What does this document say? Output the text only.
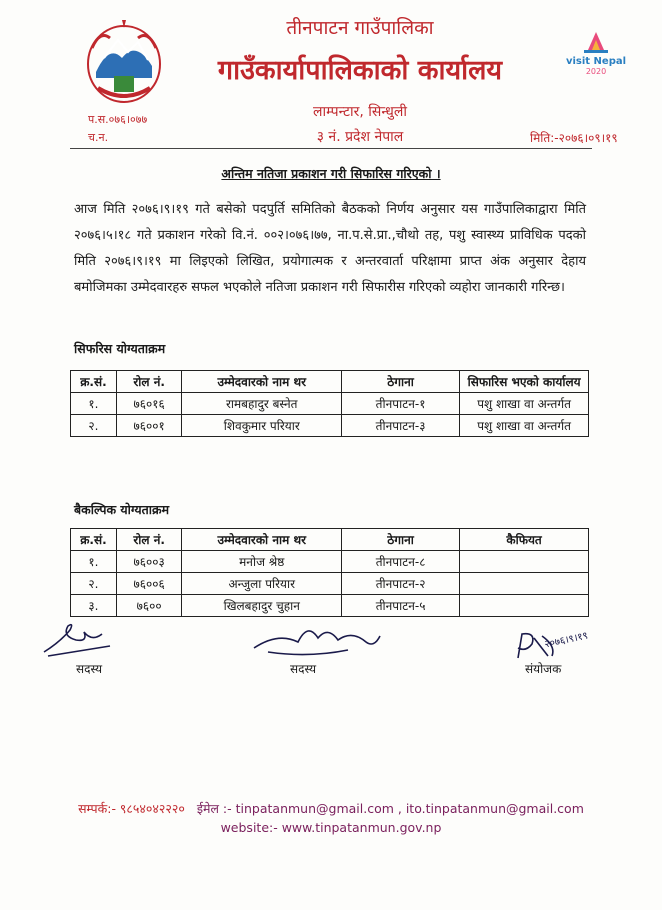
तीनपाटन गाउँपालिका
गाउँकार्यापालिकाको कार्यालय
लाम्पन्टार, सिन्धुली
३ नं. प्रदेश नेपाल
प.स.०७६।०७७
च.न.	मिति:-२०७६।०९।१९
visit Nepal
2020
अन्तिम नतिजा प्रकाशन गरी सिफारिस गरिएको ।
आज मिति २०७६।९।१९ गते बसेको पदपुर्ति समितिको बैठकको निर्णय अनुसार यस गाउँपालिकाद्वारा मिति २०७६।५।१८ गते प्रकाशन गरेको वि.नं. ००२।०७६।७७, ना.प.से.प्रा.,चौथो तह, पशु स्वास्थ्य प्राविधिक पदको मिति २०७६।९।१९ मा लिइएको लिखित, प्रयोगात्मक र अन्तरवार्ता परिक्षामा प्राप्त अंक अनुसार देहाय बमोजिमका उम्मेदवारहरु सफल भएकोले नतिजा प्रकाशन गरी सिफारीस गरिएको व्यहोरा जानकारी गरिन्छ।
सिफरिस योग्यताक्रम
क्र.सं.	रोल नं.	उम्मेदवारको नाम थर	ठेगाना	सिफारिस भएको कार्यालय
१.	७६०१६	रामबहादुर बस्नेत	तीनपाटन-१	पशु शाखा वा अन्तर्गत
२.	७६००१	शिवकुमार परियार	तीनपाटन-३	पशु शाखा वा अन्तर्गत
बैकल्पिक योग्यताक्रम
क्र.सं.	रोल नं.	उम्मेदवारको नाम थर	ठेगाना	कैफियत
१.	७६००३	मनोज श्रेष्ठ	तीनपाटन-८	
२.	७६००६	अन्जुला परियार	तीनपाटन-२	
३.	७६००	खिलबहादुर चुहान	तीनपाटन-५	
२०७६।९।१९
सदस्य	सदस्य	संयोजक
सम्पर्क:- ९८५४०४२२२० ईमेल :- tinpatanmun@gmail.com , ito.tinpatanmun@gmail.com
website:- www.tinpatanmun.gov.np
